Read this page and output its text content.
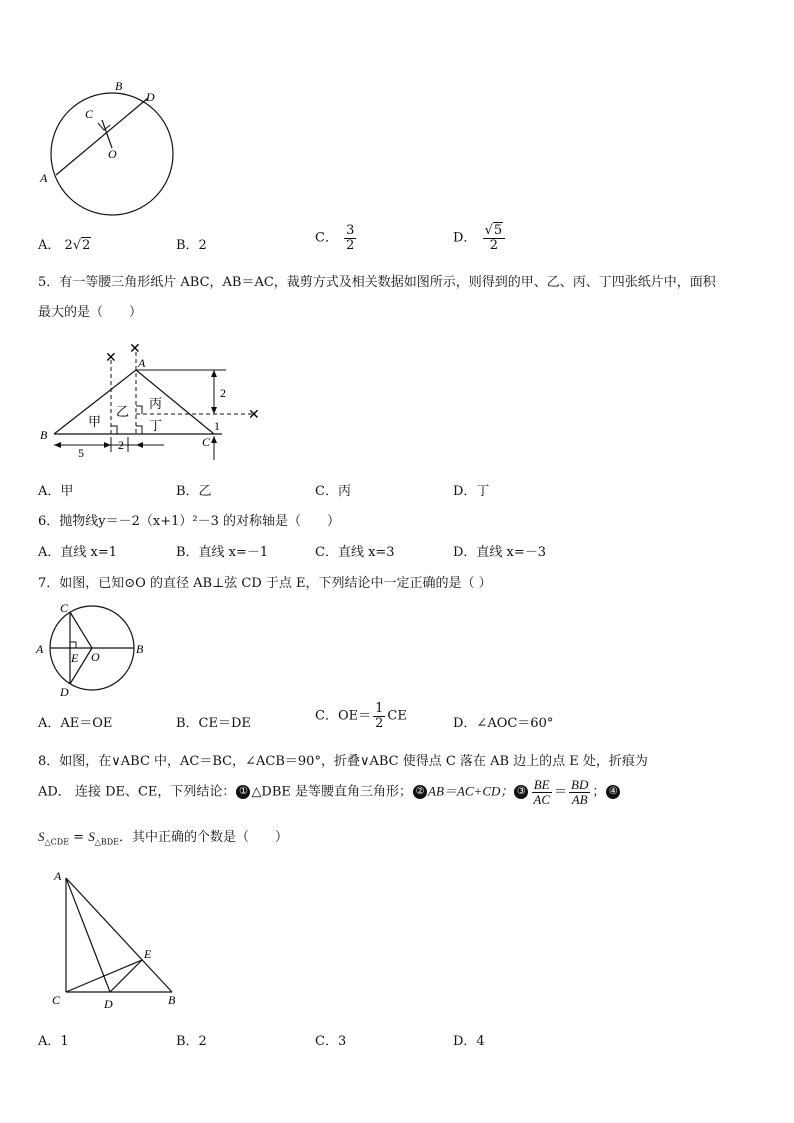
B
D
C
O
A
A． 2√2	B．2	C． $\frac{3}{2}$	D． $\frac{√5}{2}$
5．有一等腰三角形纸片 ABC，AB＝AC，裁剪方式及相关数据如图所示，则得到的甲、乙、丙、丁四张纸片中，面积
最大的是（　　）
✕
✕
✕
A
B	C
甲
乙
丙
丁
5
2
2
1
A．甲	B．乙	C．丙	D．丁
6．抛物线y＝－2（x+1）²－3 的对称轴是（　　）
A．直线 x=1	B．直线 x=－1	C．直线 x=3	D．直线 x=－3
7．如图，已知⊙O 的直径 AB⊥弦 CD 于点 E，下列结论中一定正确的是（ ）
C
A
E O
B
D
A．AE＝OE	B．CE＝DE	C．$OE= \frac{1}{2}$ CE	D．∠AOC＝60°
8．如图，在∨ABC 中，AC＝BC，∠ACB＝90°，折叠∨ABC 使得点 C 落在 AB 边上的点 E 处，折痕为
AD． 连接 DE、CE，下列结论： ① △DBE 是等腰直角三角形； ② AB＝AC+CD； ③ $\frac{BE}{AC} = \frac{BD}{AB}$ ； ④
$S_{\triangle CDE} = S_{\triangle BDE}$．其中正确的个数是（　　）
A
E
C	D	B
A．1	B．2	C．3	D．4
